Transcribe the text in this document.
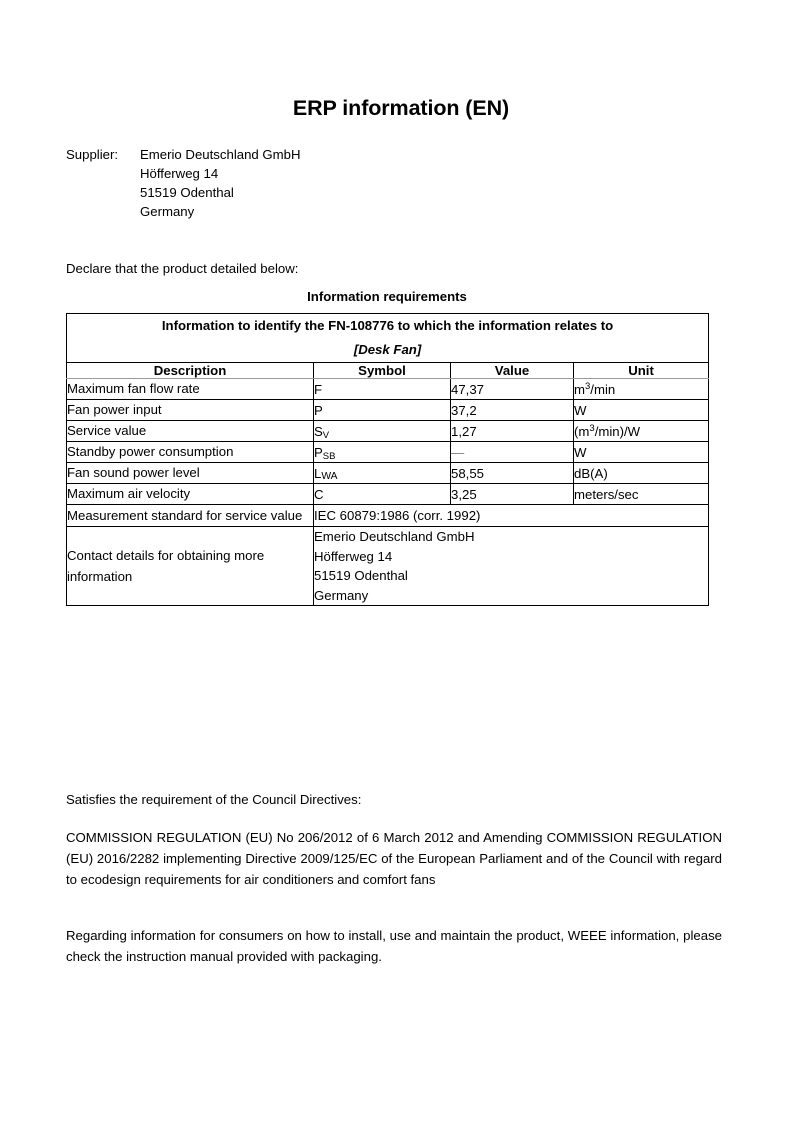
ERP information (EN)
Supplier:	Emerio Deutschland GmbH
Höfferweg 14
51519 Odenthal
Germany
Declare that the product detailed below:
Information requirements
Information to identify the FN-108776 to which the information relates to
[Desk Fan]			

Description	Symbol	Value	Unit
Maximum fan flow rate	F	47,37	$m^3/\min$
Fan power input	P	37,2	W
Service value	$S_V$	1,27	$(m^3/\min)/W$
Standby power consumption	$P_{SB}$	—	W
Fan sound power level	LWA	58,55	dB(A)
Maximum air velocity	C	3,25	meters/sec
Measurement standard for service value	IEC 60879:1986 (corr. 1992)		
Contact details for obtaining more information	Emerio Deutschland GmbH
Höfferweg 14
51519 Odenthal
Germany		
Satisfies the requirement of the Council Directives:
COMMISSION REGULATION (EU) No 206/2012 of 6 March 2012 and Amending COMMISSION REGULATION (EU) 2016/2282 implementing Directive 2009/125/EC of the European Parliament and of the Council with regard to ecodesign requirements for air conditioners and comfort fans
Regarding information for consumers on how to install, use and maintain the product, WEEE information, please check the instruction manual provided with packaging.
